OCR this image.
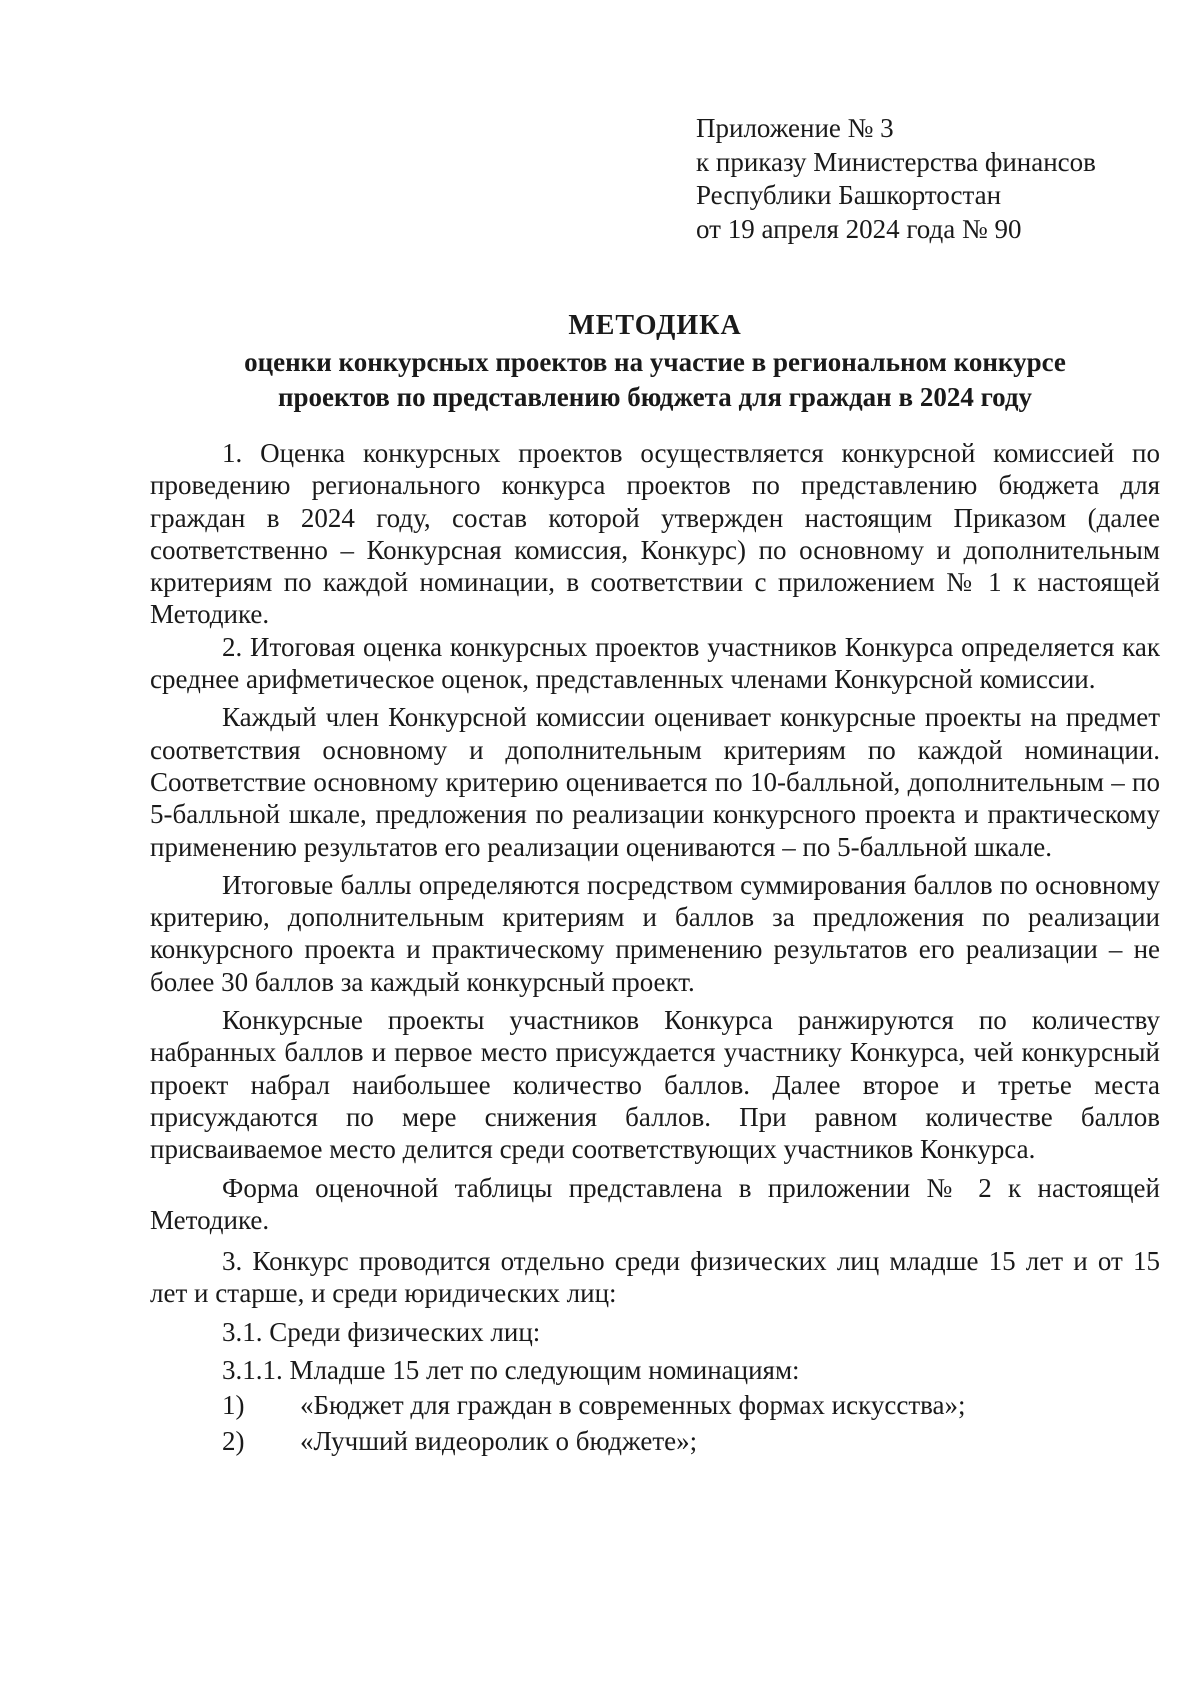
Приложение № 3
к приказу Министерства финансов
Республики Башкортостан
от 19 апреля 2024 года № 90
МЕТОДИКА
оценки конкурсных проектов на участие в региональном конкурсе
проектов по представлению бюджета для граждан в 2024 году

1. Оценка конкурсных проектов осуществляется конкурсной комиссией по проведению регионального конкурса проектов по представлению бюджета для граждан в 2024 году, состав которой утвержден настоящим Приказом (далее соответственно – Конкурсная комиссия, Конкурс) по основному и дополнительным критериям по каждой номинации, в соответствии с приложением № 1 к настоящей Методике.

2. Итоговая оценка конкурсных проектов участников Конкурса определяется как среднее арифметическое оценок, представленных членами Конкурсной комиссии.

Каждый член Конкурсной комиссии оценивает конкурсные проекты на предмет соответствия основному и дополнительным критериям по каждой номинации. Соответствие основному критерию оценивается по 10-балльной, дополнительным – по 5-балльной шкале, предложения по реализации конкурсного проекта и практическому применению результатов его реализации оцениваются – по 5-балльной шкале.

Итоговые баллы определяются посредством суммирования баллов по основному критерию, дополнительным критериям и баллов за предложения по реализации конкурсного проекта и практическому применению результатов его реализации – не более 30 баллов за каждый конкурсный проект.

Конкурсные проекты участников Конкурса ранжируются по количеству набранных баллов и первое место присуждается участнику Конкурса, чей конкурсный проект набрал наибольшее количество баллов. Далее второе и третье места присуждаются по мере снижения баллов. При равном количестве баллов присваиваемое место делится среди соответствующих участников Конкурса.

Форма оценочной таблицы представлена в приложении № 2 к настоящей Методике.

3. Конкурс проводится отдельно среди физических лиц младше 15 лет и от 15 лет и старше, и среди юридических лиц:

3.1. Среди физических лиц:
3.1.1. Младше 15 лет по следующим номинациям:
1)	«Бюджет для граждан в современных формах искусства»;
2)	«Лучший видеоролик о бюджете»;
